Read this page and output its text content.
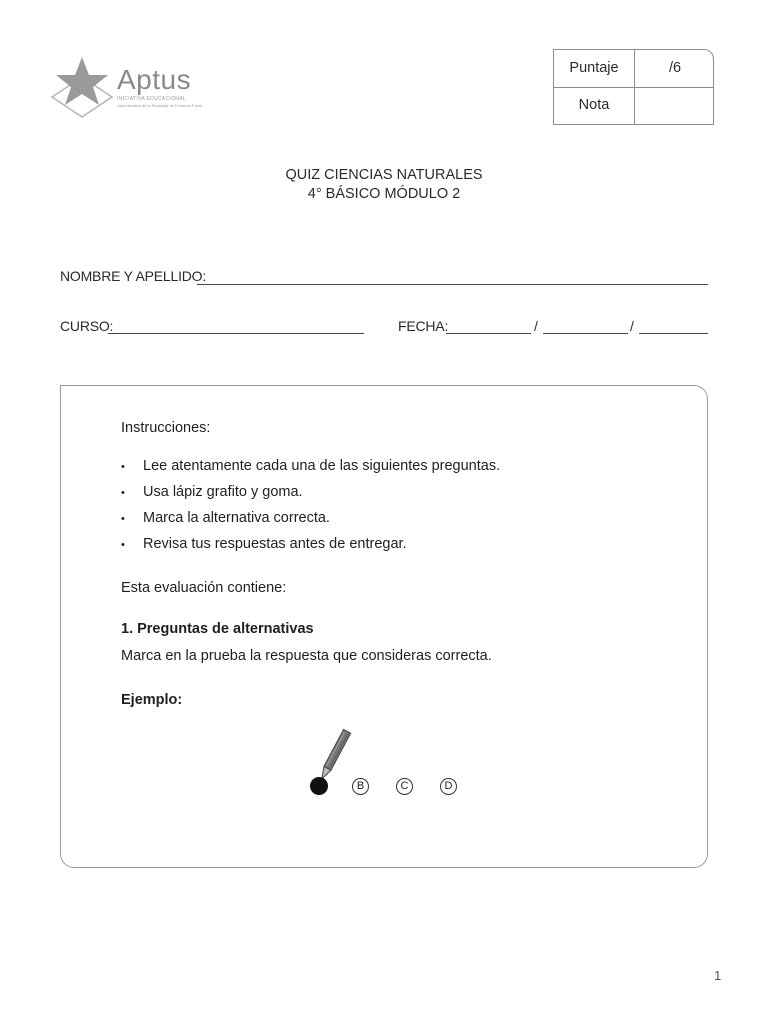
Aptus
INICIATIVA EDUCACIONAL
Una iniciativa de la Sociedad de Fomento Fabril
Puntaje	/6
Nota
QUIZ CIENCIAS NATURALES
4° BÁSICO MÓDULO 2
NOMBRE Y APELLIDO:
CURSO:	FECHA:	/	/
Instrucciones:
• Lee atentamente cada una de las siguientes preguntas.
• Usa lápiz grafito y goma.
• Marca la alternativa correcta.
• Revisa tus respuestas antes de entregar.
Esta evaluación contiene:
1. Preguntas de alternativas
Marca en la prueba la respuesta que consideras correcta.
Ejemplo:
B	C	D
1
